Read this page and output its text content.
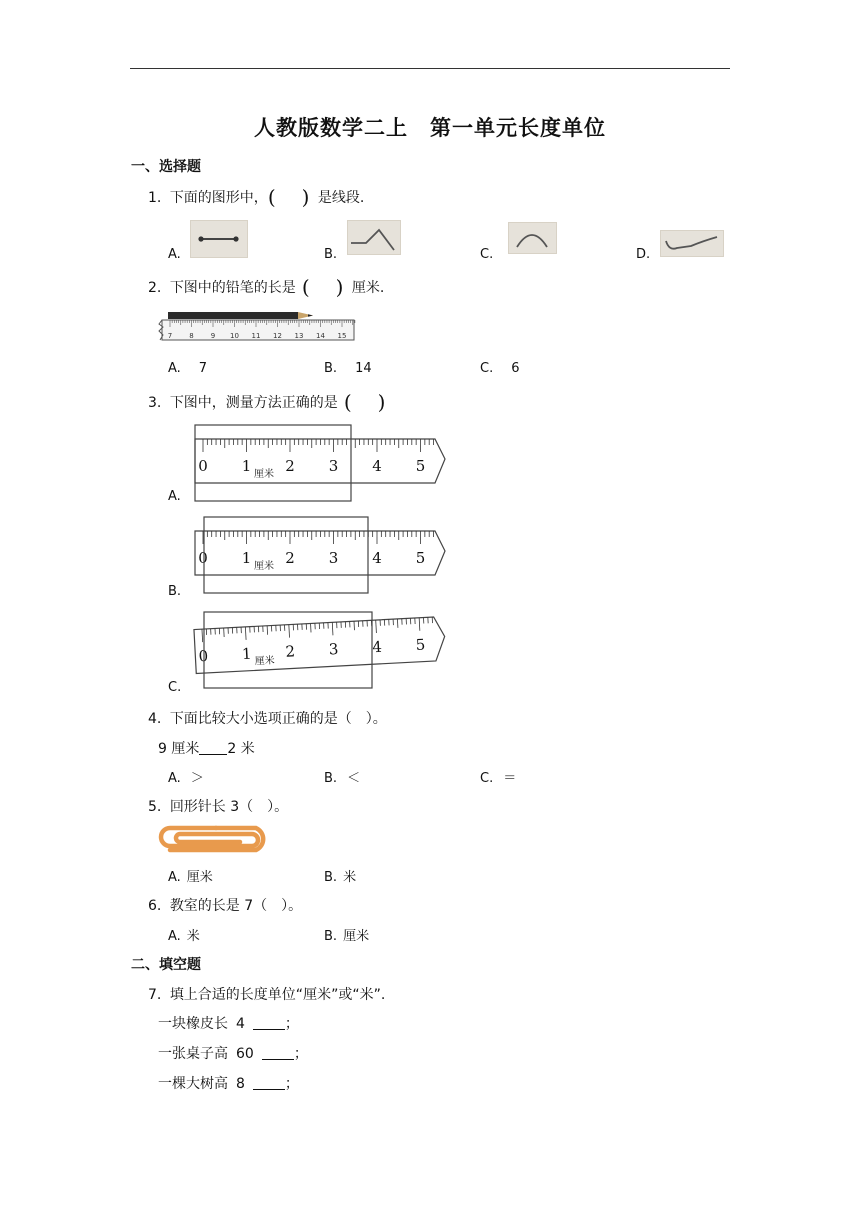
人教版数学二上　第一单元长度单位
一、选择题
1. 下面的图形中，( ) 是线段.
A.	B.	C.	D.
2. 下图中的铅笔的长是 ( ) 厘米.
7 8 9 10 11 12 13 14 15
A. 7	B. 14	C. 6
3. 下图中，测量方法正确的是 ( )
0 1 2 3 4 5
厘米
A.
0 1 2 3 4 5
厘米
B.
0 1 2 3 4 5
厘米
C.
4. 下面比较大小选项正确的是（　）。
9 厘米 2 米
A. ＞	B. ＜	C. ＝
5. 回形针长 3（　）。
A. 厘米	B. 米
6. 教室的长是 7（　）。
A. 米	B. 厘米
二、填空题
7. 填上合适的长度单位“厘米”或“米”.
一块橡皮长 4	；
一张桌子高 60	；
一棵大树高 8	；
